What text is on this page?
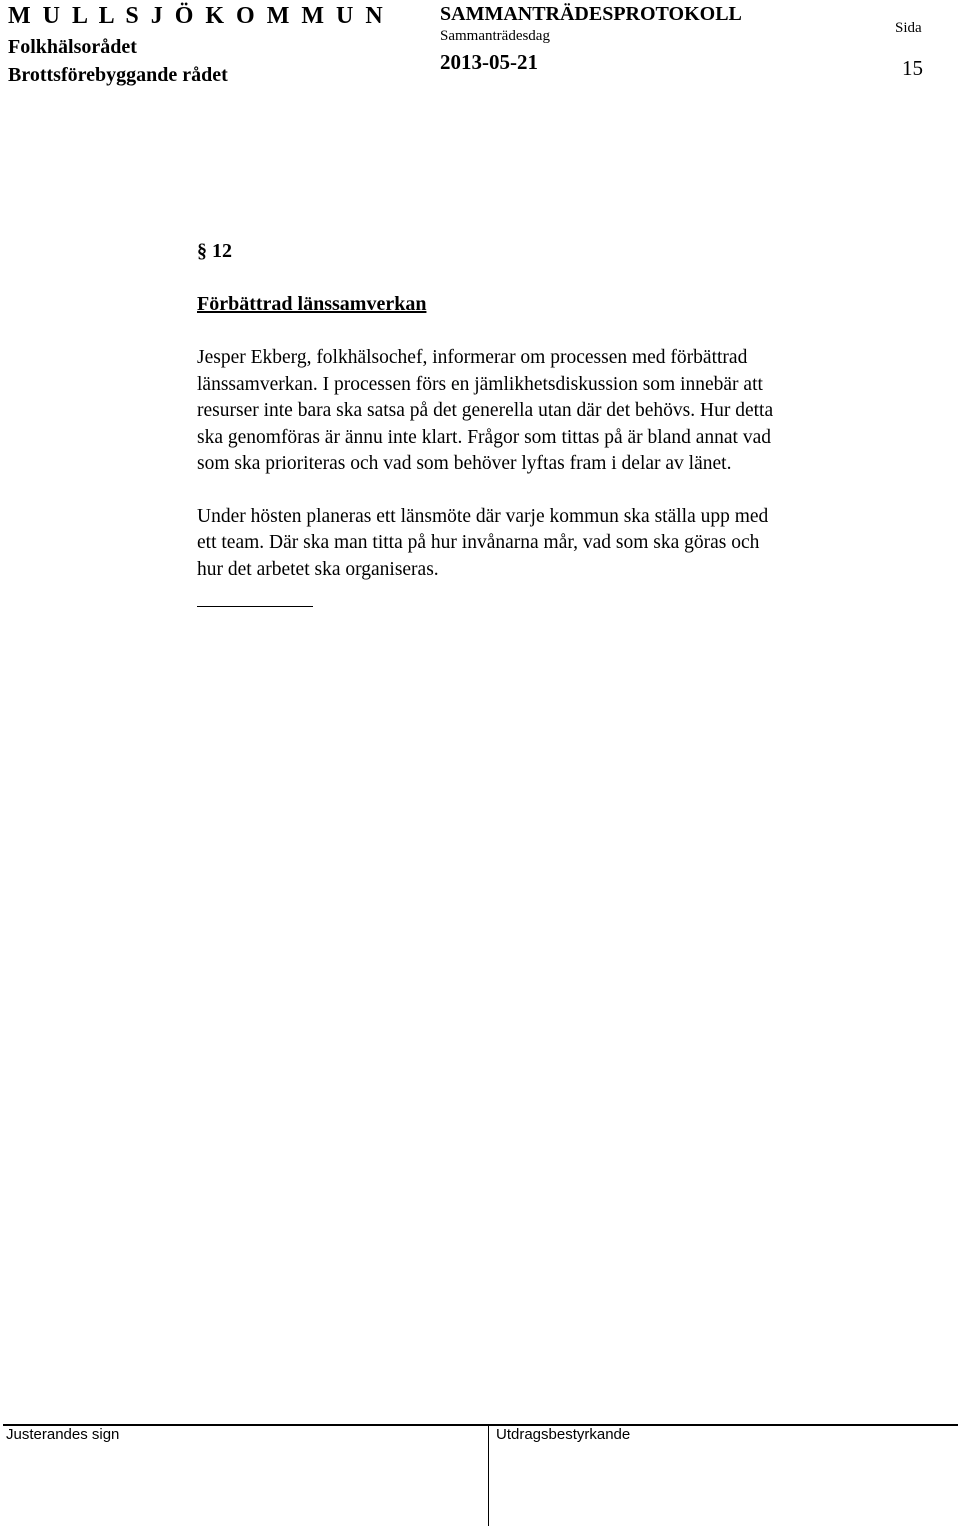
M U L L S J Ö K O M M U N
Folkhälsorådet
Brottsförebyggande rådet
SAMMANTRÄDESPROTOKOLL
Sammanträdesdag
2013-05-21
Sida
15
§ 12
Förbättrad länssamverkan

Jesper Ekberg, folkhälsochef, informerar om processen med förbättrad
länssamverkan. I processen förs en jämlikhetsdiskussion som innebär att
resurser inte bara ska satsa på det generella utan där det behövs. Hur detta
ska genomföras är ännu inte klart. Frågor som tittas på är bland annat vad
som ska prioriteras och vad som behöver lyftas fram i delar av länet.

Under hösten planeras ett länsmöte där varje kommun ska ställa upp med
ett team. Där ska man titta på hur invånarna mår, vad som ska göras och
hur det arbetet ska organiseras.

Justerandes sign	Utdragsbestyrkande
